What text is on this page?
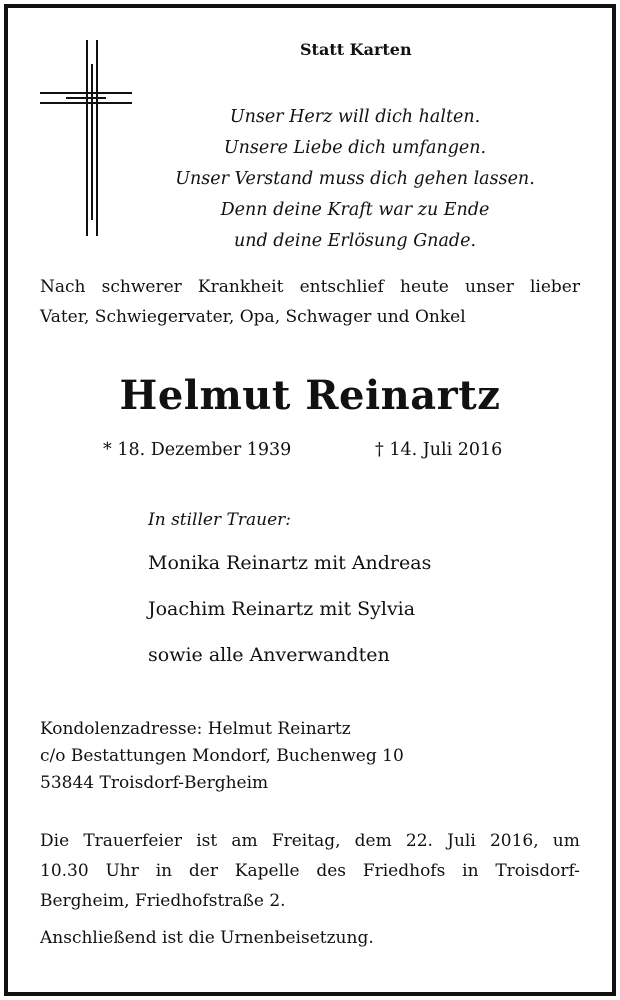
Statt Karten
Unser Herz will dich halten.
Unsere Liebe dich umfangen.
Unser Verstand muss dich gehen lassen.
Denn deine Kraft war zu Ende
und deine Erlösung Gnade.
Nach schwerer Krankheit entschlief heute unser lieber
Vater, Schwiegervater, Opa, Schwager und Onkel
Helmut Reinartz
* 18. Dezember 1939	† 14. Juli 2016
In stiller Trauer:
Monika Reinartz mit Andreas
Joachim Reinartz mit Sylvia
sowie alle Anverwandten
Kondolenzadresse: Helmut Reinartz
c/o Bestattungen Mondorf, Buchenweg 10
53844 Troisdorf-Bergheim
Die Trauerfeier ist am Freitag, dem 22. Juli 2016, um
10.30 Uhr in der Kapelle des Friedhofs in Troisdorf-
Bergheim, Friedhofstraße 2.
Anschließend ist die Urnenbeisetzung.
